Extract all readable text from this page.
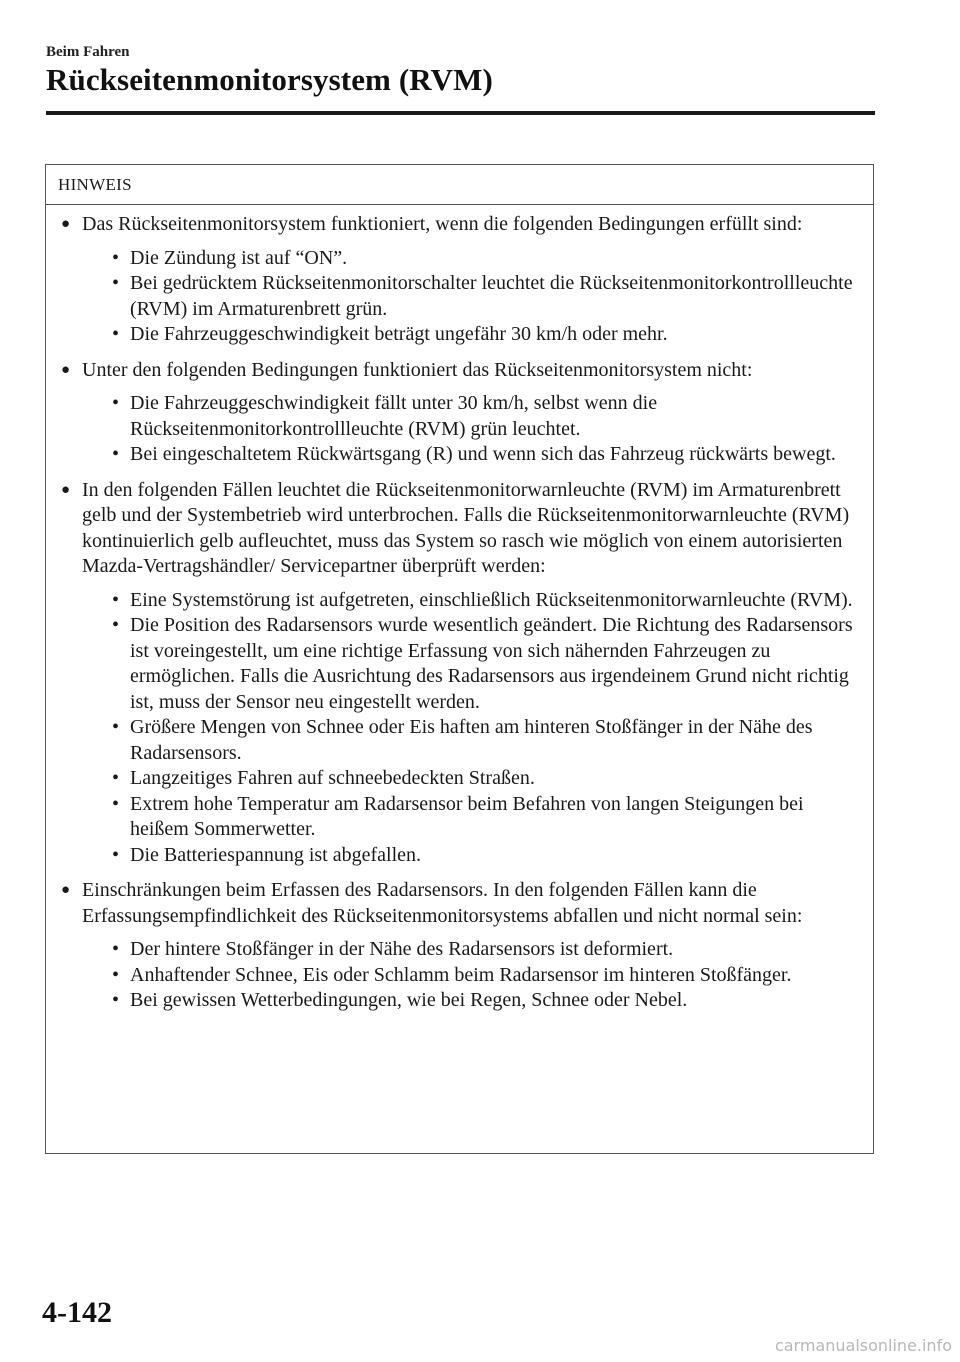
Beim Fahren
Rückseitenmonitorsystem (RVM)
HINWEIS
● Das Rückseitenmonitorsystem funktioniert, wenn die folgenden Bedingungen erfüllt sind:
• Die Zündung ist auf “ON”.
• Bei gedrücktem Rückseitenmonitorschalter leuchtet die Rückseitenmonitorkontrollleuchte (RVM) im Armaturenbrett grün.
• Die Fahrzeuggeschwindigkeit beträgt ungefähr 30 km/h oder mehr.
● Unter den folgenden Bedingungen funktioniert das Rückseitenmonitorsystem nicht:
• Die Fahrzeuggeschwindigkeit fällt unter 30 km/h, selbst wenn die Rückseitenmonitorkontrollleuchte (RVM) grün leuchtet.
• Bei eingeschaltetem Rückwärtsgang (R) und wenn sich das Fahrzeug rückwärts bewegt.
● In den folgenden Fällen leuchtet die Rückseitenmonitorwarnleuchte (RVM) im Armaturenbrett gelb und der Systembetrieb wird unterbrochen. Falls die Rückseitenmonitorwarnleuchte (RVM) kontinuierlich gelb aufleuchtet, muss das System so rasch wie möglich von einem autorisierten Mazda-Vertragshändler/ Servicepartner überprüft werden:
• Eine Systemstörung ist aufgetreten, einschließlich Rückseitenmonitorwarnleuchte (RVM).
• Die Position des Radarsensors wurde wesentlich geändert. Die Richtung des Radarsensors ist voreingestellt, um eine richtige Erfassung von sich nähernden Fahrzeugen zu ermöglichen. Falls die Ausrichtung des Radarsensors aus irgendeinem Grund nicht richtig ist, muss der Sensor neu eingestellt werden.
• Größere Mengen von Schnee oder Eis haften am hinteren Stoßfänger in der Nähe des Radarsensors.
• Langzeitiges Fahren auf schneebedeckten Straßen.
• Extrem hohe Temperatur am Radarsensor beim Befahren von langen Steigungen bei heißem Sommerwetter.
• Die Batteriespannung ist abgefallen.
● Einschränkungen beim Erfassen des Radarsensors. In den folgenden Fällen kann die Erfassungsempfindlichkeit des Rückseitenmonitorsystems abfallen und nicht normal sein:
• Der hintere Stoßfänger in der Nähe des Radarsensors ist deformiert.
• Anhaftender Schnee, Eis oder Schlamm beim Radarsensor im hinteren Stoßfänger.
• Bei gewissen Wetterbedingungen, wie bei Regen, Schnee oder Nebel.
4-142
carmanualsonline.info
